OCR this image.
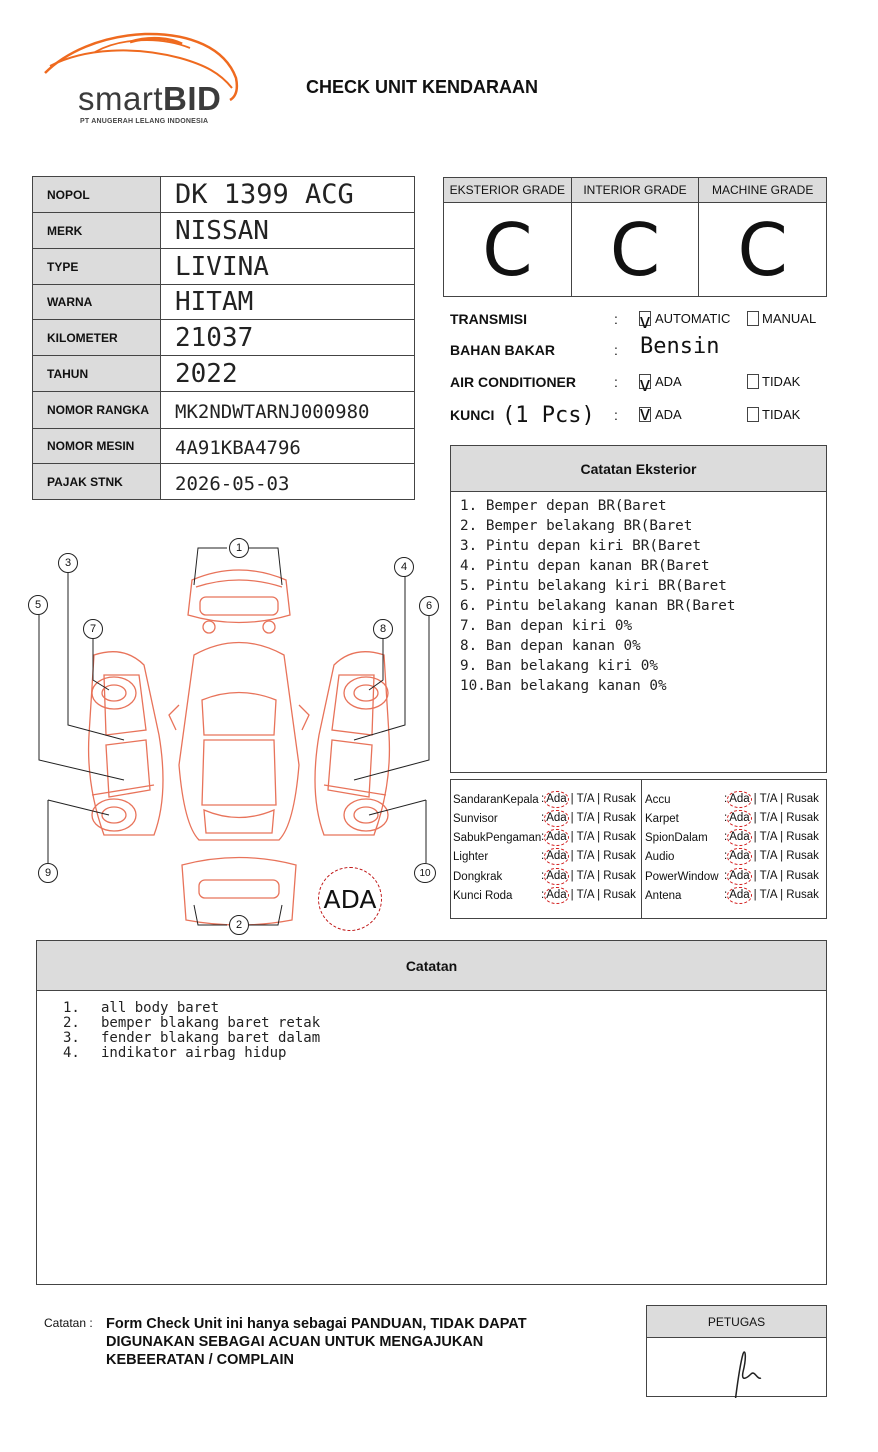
smartBID
PT ANUGERAH LELANG INDONESIA
CHECK UNIT KENDARAAN
NOPOL	DK 1399 ACG
MERK	NISSAN
TYPE	LIVINA
WARNA	HITAM
KILOMETER	21037
TAHUN	2022
NOMOR RANGKA	MK2NDWTARNJ000980
NOMOR MESIN	4A91KBA4796
PAJAK STNK	2026-05-03
EKSTERIOR GRADE
C
INTERIOR GRADE
C
MACHINE GRADE
C
TRANSMISI	: v AUTOMATIC MANUAL
BAHAN BAKAR	: Bensin
AIR CONDITIONER	: v ADA	TIDAK
KUNCI (1 Pcs) : v ADA	TIDAK
Catatan Eksterior
1. Bemper depan BR(Baret
2. Bemper belakang BR(Baret
3. Pintu depan kiri BR(Baret
4. Pintu depan kanan BR(Baret
5. Pintu belakang kiri BR(Baret
6. Pintu belakang kanan BR(Baret
7. Ban depan kiri 0%
8. Ban depan kanan 0%
9. Ban belakang kiri 0%
10.Ban belakang kanan 0%
SandaranKepala : Ada | T/A | Rusak
Sunvisor	: Ada | T/A | Rusak
SabukPengaman : Ada | T/A | Rusak
Lighter	: Ada | T/A | Rusak
Dongkrak	: Ada | T/A | Rusak
Kunci Roda : Ada | T/A | Rusak
Accu	: Ada | T/A | Rusak
Karpet	: Ada | T/A | Rusak
SpionDalam : Ada | T/A | Rusak
Audio	: Ada | T/A | Rusak
PowerWindow : Ada | T/A | Rusak
Antena	: Ada | T/A | Rusak
1
2
3	4
5	6
7	8
9	10
ADA
Catatan
1.	all body baret
2.	bemper blakang baret retak
3.	fender blakang baret dalam
4.	indikator airbag hidup
Catatan : Form Check Unit ini hanya sebagai PANDUAN, TIDAK DAPAT DIGUNAKAN SEBAGAI ACUAN UNTUK MENGAJUKAN KEBEERATAN / COMPLAIN
PETUGAS
